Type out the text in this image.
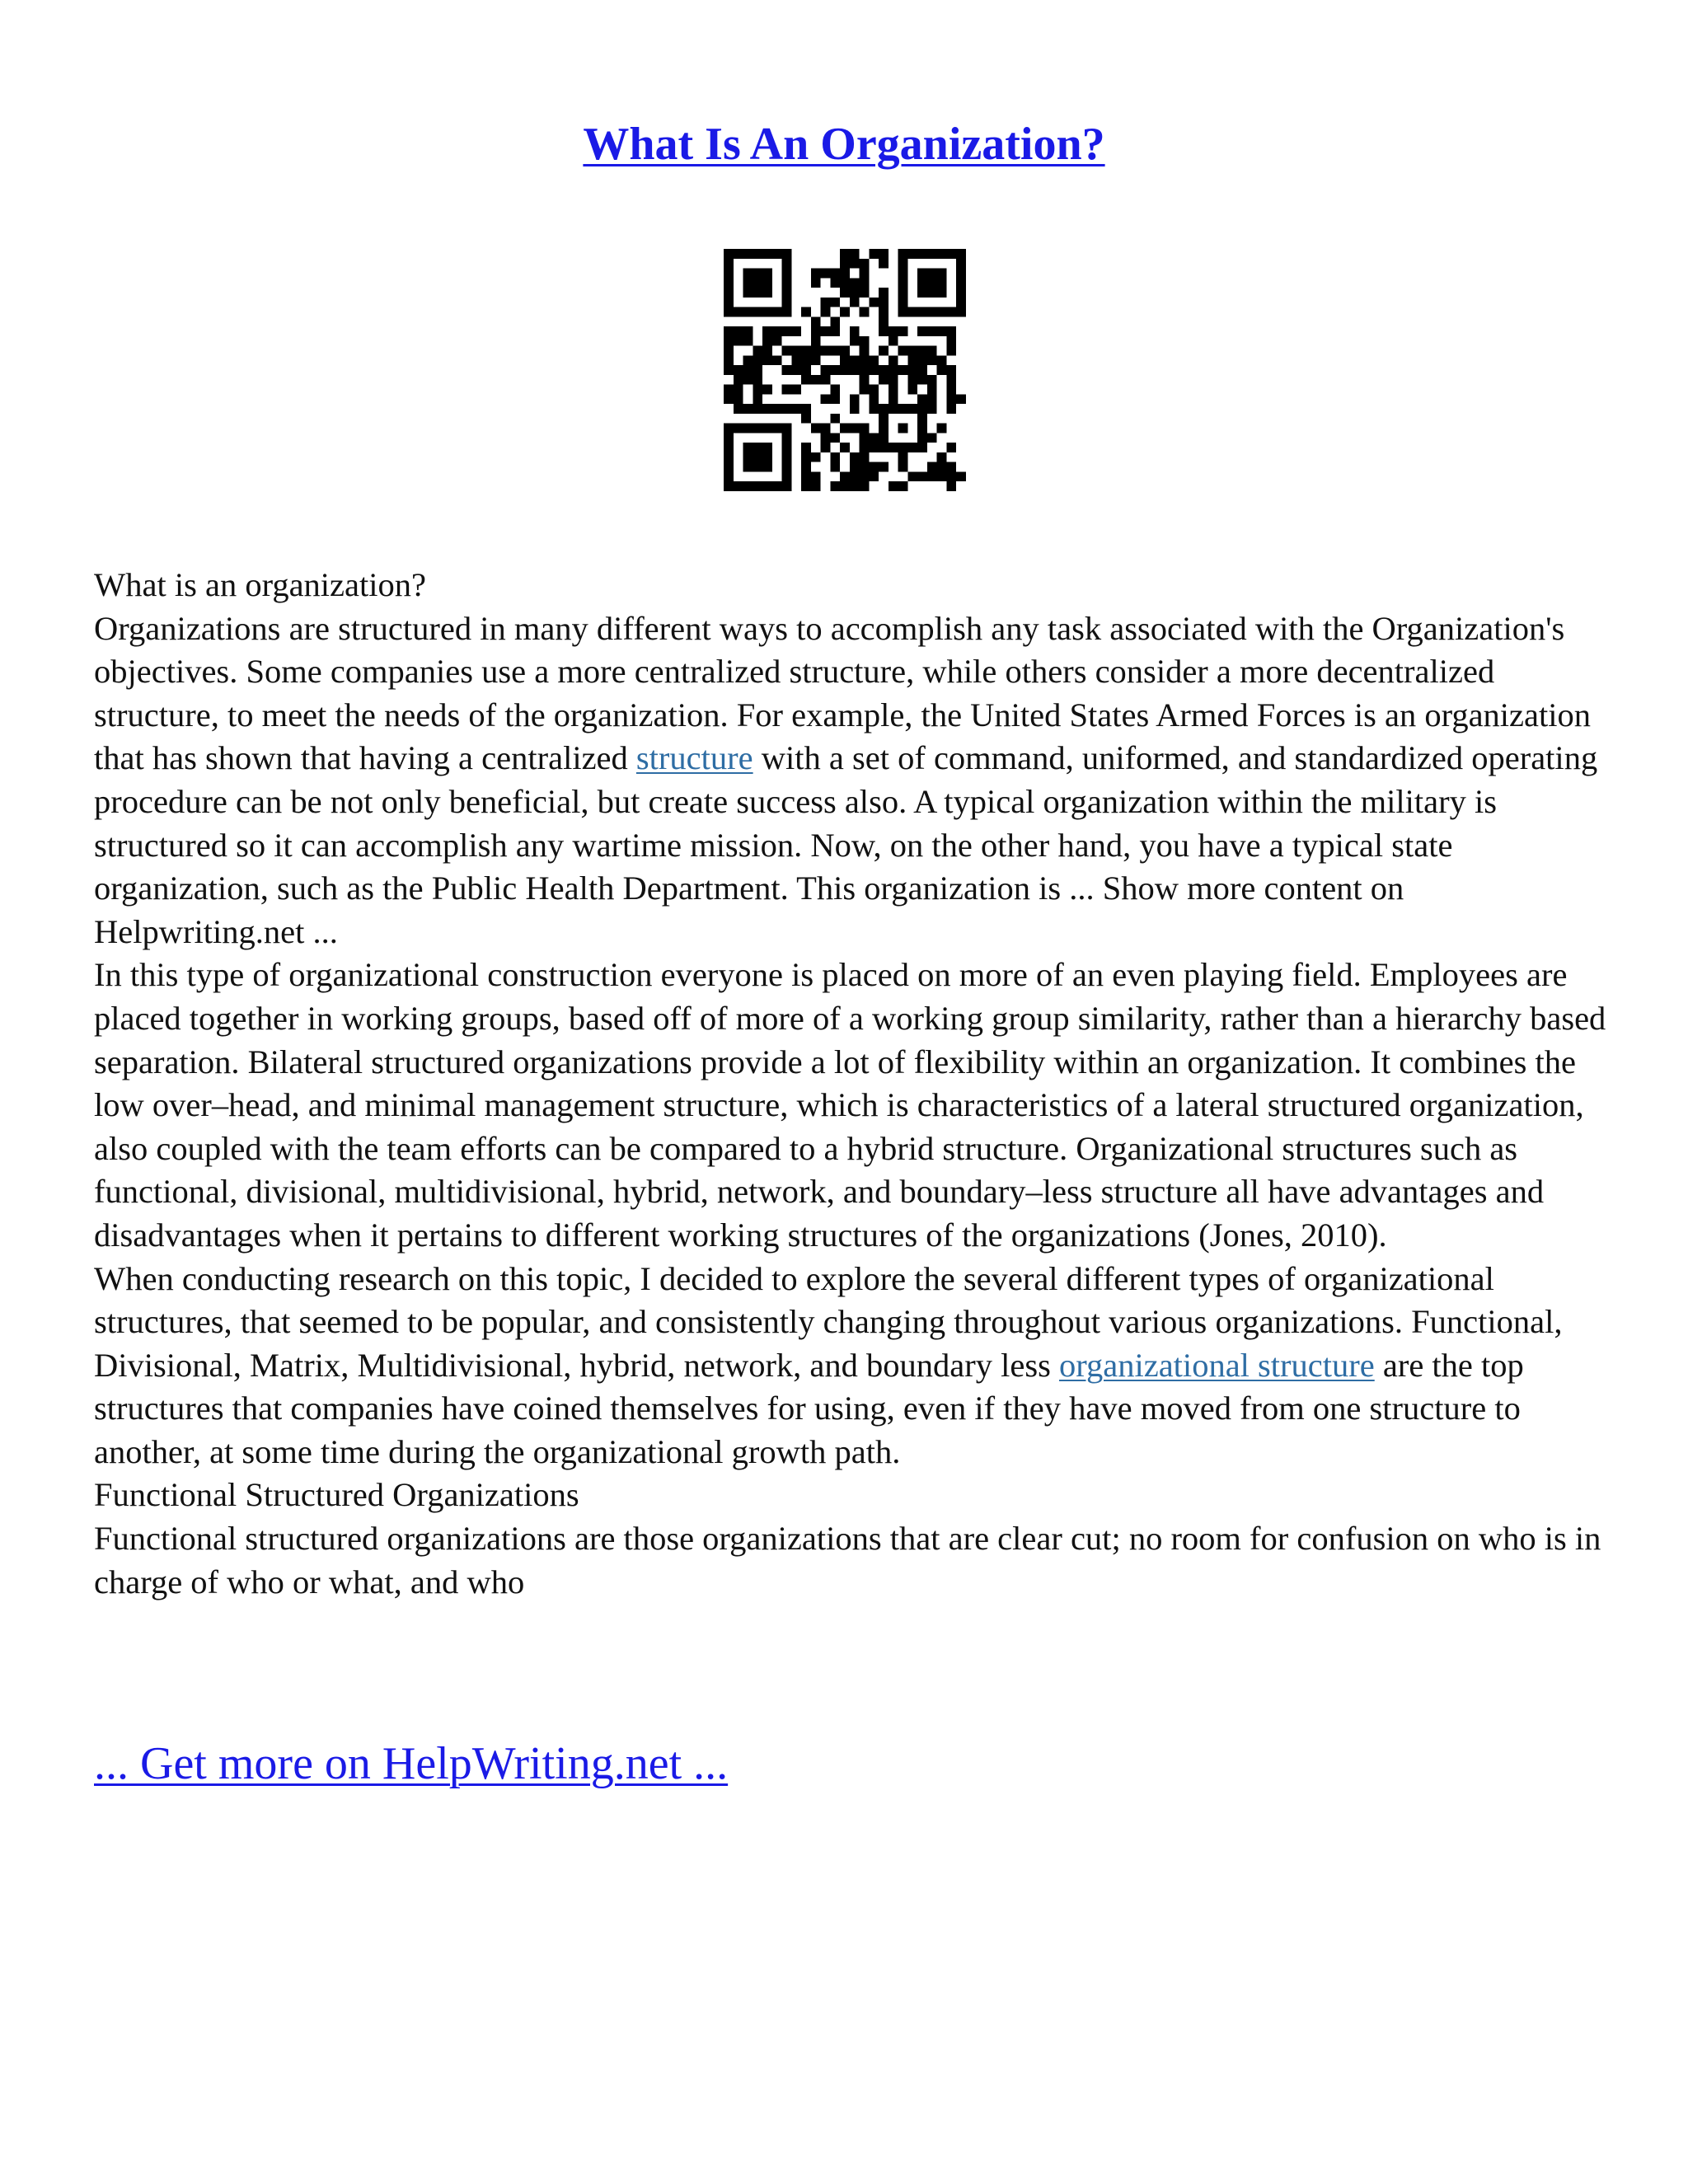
What Is An Organization?

What is an organization?

Organizations are structured in many different ways to accomplish any task associated with the Organization's objectives. Some companies use a more centralized structure, while others consider a more decentralized structure, to meet the needs of the organization. For example, the United States Armed Forces is an organization that has shown that having a centralized structure with a set of command, uniformed, and standardized operating procedure can be not only beneficial, but create success also. A typical organization within the military is structured so it can accomplish any wartime mission. Now, on the other hand, you have a typical state organization, such as the Public Health Department. This organization is ... Show more content on Helpwriting.net ...

In this type of organizational construction everyone is placed on more of an even playing field. Employees are placed together in working groups, based off of more of a working group similarity, rather than a hierarchy based separation. Bilateral structured organizations provide a lot of flexibility within an organization. It combines the low over–head, and minimal management structure, which is characteristics of a lateral structured organization, also coupled with the team efforts can be compared to a hybrid structure. Organizational structures such as functional, divisional, multidivisional, hybrid, network, and boundary–less structure all have advantages and disadvantages when it pertains to different working structures of the organizations (Jones, 2010).

When conducting research on this topic, I decided to explore the several different types of organizational structures, that seemed to be popular, and consistently changing throughout various organizations. Functional, Divisional, Matrix, Multidivisional, hybrid, network, and boundary less organizational structure are the top structures that companies have coined themselves for using, even if they have moved from one structure to another, at some time during the organizational growth path.

Functional Structured Organizations

Functional structured organizations are those organizations that are clear cut; no room for confusion on who is in charge of who or what, and who

... Get more on HelpWriting.net ...
